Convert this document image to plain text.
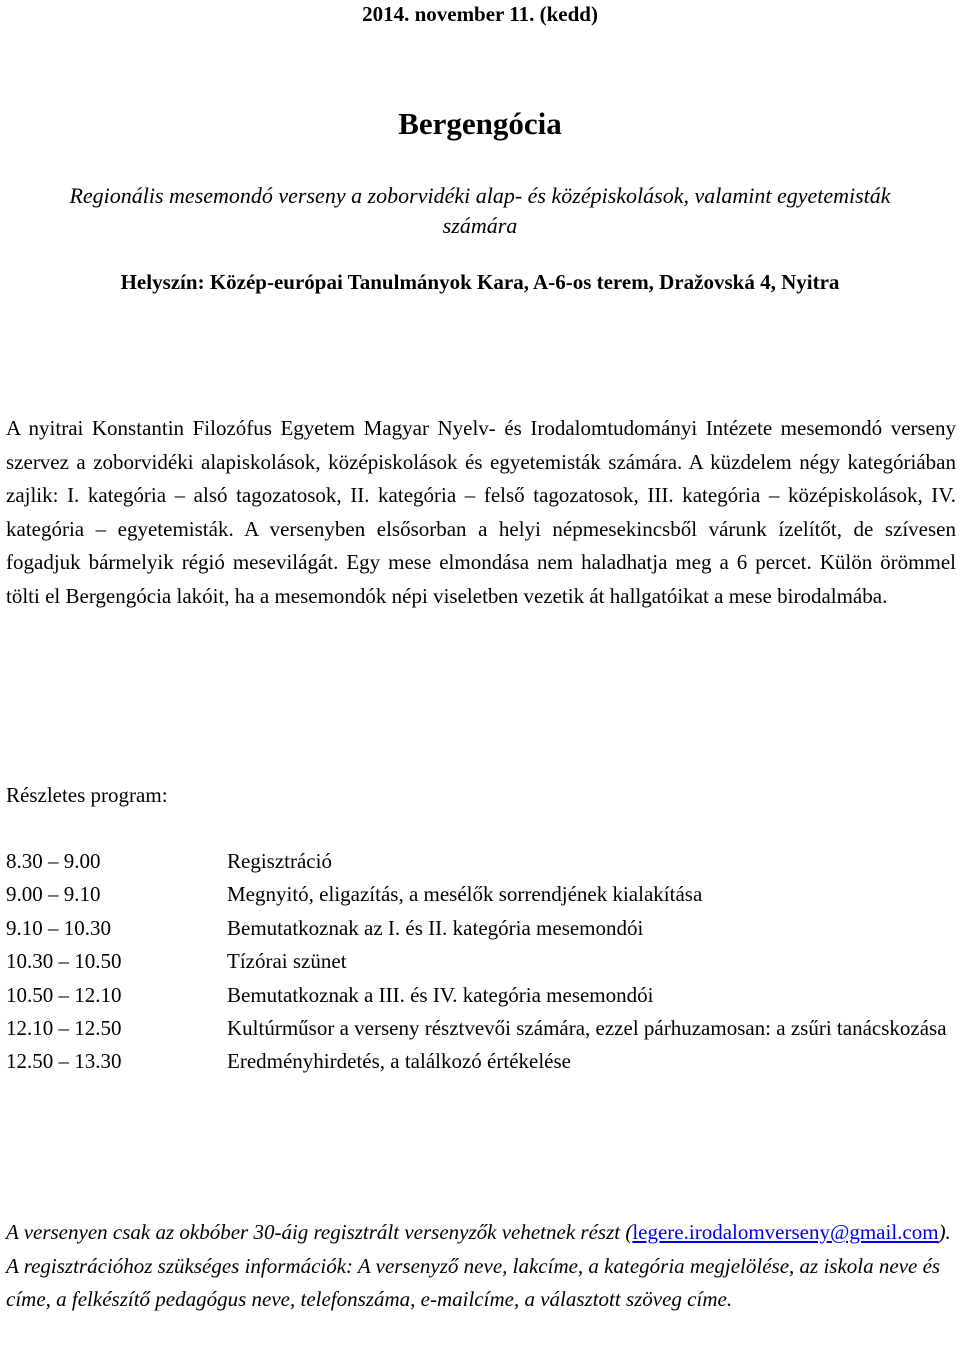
2014. november 11. (kedd)
Bergengócia
Regionális mesemondó verseny a zoborvidéki alap- és középiskolások, valamint egyetemisták számára
Helyszín: Közép-európai Tanulmányok Kara, A-6-os terem, Dražovská 4, Nyitra

A nyitrai Konstantin Filozófus Egyetem Magyar Nyelv- és Irodalomtudományi Intézete mesemondó verseny szervez a zoborvidéki alapiskolások, középiskolások és egyetemisták számára. A küzdelem négy kategóriában zajlik: I. kategória – alsó tagozatosok, II. kategória – felső tagozatosok, III. kategória – középiskolások, IV. kategória – egyetemisták. A versenyben elsősorban a helyi népmesekincsből várunk ízelítőt, de szívesen fogadjuk bármelyik régió mesevilágát. Egy mese elmondása nem haladhatja meg a 6 percet. Külön örömmel tölti el Bergengócia lakóit, ha a mesemondók népi viseletben vezetik át hallgatóikat a mese birodalmába.

Részletes program:
8.30 – 9.00	Regisztráció
9.00 – 9.10	Megnyitó, eligazítás, a mesélők sorrendjének kialakítása
9.10 – 10.30	Bemutatkoznak az I. és II. kategória mesemondói
10.30 – 10.50	Tízórai szünet
10.50 – 12.10	Bemutatkoznak a III. és IV. kategória mesemondói
12.10 – 12.50	Kultúrműsor a verseny résztvevői számára, ezzel párhuzamosan: a zsűri tanácskozása
12.50 – 13.30	Eredményhirdetés, a találkozó értékelése

A versenyen csak az okbóber 30-áig regisztrált versenyzők vehetnek részt (legere.irodalomverseny@gmail.com). A regisztrációhoz szükséges információk: A versenyző neve, lakcíme, a kategória megjelölése, az iskola neve és címe, a felkészítő pedagógus neve, telefonszáma, e-mailcíme, a választott szöveg címe.
